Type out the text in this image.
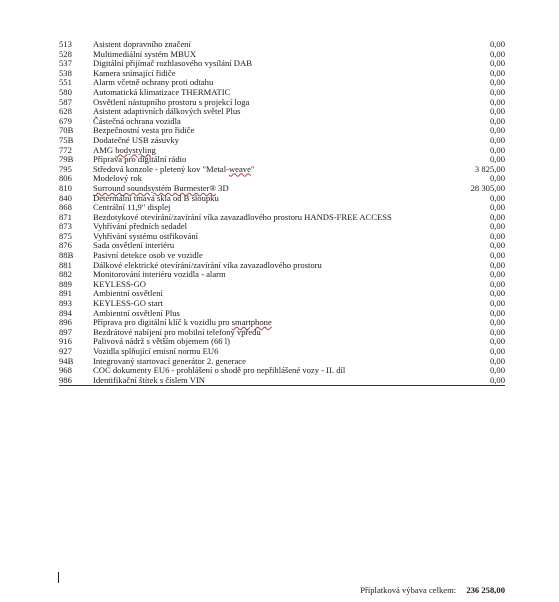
513	Asistent dopravního značení	0,00
528	Multimediální systém MBUX	0,00
537	Digitální přijímač rozhlasového vysílání DAB	0,00
538	Kamera snímající řidiče	0,00
551	Alarm včetně ochrany proti odtahu	0,00
580	Automatická klimatizace THERMATIC	0,00
587	Osvětlení nástupního prostoru s projekcí loga	0,00
628	Asistent adaptivních dálkových světel Plus	0,00
679	Částečná ochrana vozidla	0,00
70B	Bezpečnostní vesta pro řidiče	0,00
75B	Dodatečné USB zásuvky	0,00
772	AMG bodystyling	0,00
79B	Příprava pro digitální rádio	0,00
795	Středová konzole - pletený kov "Metal-weave"	3 825,00
806	Modelový rok	0,00
810	Surround soundsystém Burmester® 3D	28 305,00
840	Determální tmavá skla od B sloupku	0,00
868	Centrální 11,9" displej	0,00
871	Bezdotykové otevírání/zavírání víka zavazadlového prostoru HANDS-FREE ACCESS	0,00
873	Vyhřívání předních sedadel	0,00
875	Vyhřívání systému ostřikování	0,00
876	Sada osvětlení interiéru	0,00
88B	Pasivní detekce osob ve vozidle	0,00
881	Dálkové elektrické otevírání/zavírání víka zavazadlového prostoru	0,00
882	Monitorování interiéru vozidla - alarm	0,00
889	KEYLESS-GO	0,00
891	Ambientní osvětlení	0,00
893	KEYLESS-GO start	0,00
894	Ambientní osvětlení Plus	0,00
896	Příprava pro digitální klíč k vozidlu pro smartphone	0,00
897	Bezdrátové nabíjení pro mobilní telefony vpředu	0,00
916	Palivová nádrž s větším objemem (66 l)	0,00
927	Vozidla splňující emisní normu EU6	0,00
94B	Integrovaný startovací generátor 2. generace	0,00
968	COC dokumenty EU6 - prohlášení o shodě pro nepřihlášené vozy - II. díl	0,00
986	Identifikační štítek s číslem VIN	0,00
Příplatková výbava celkem: 236 258,00
